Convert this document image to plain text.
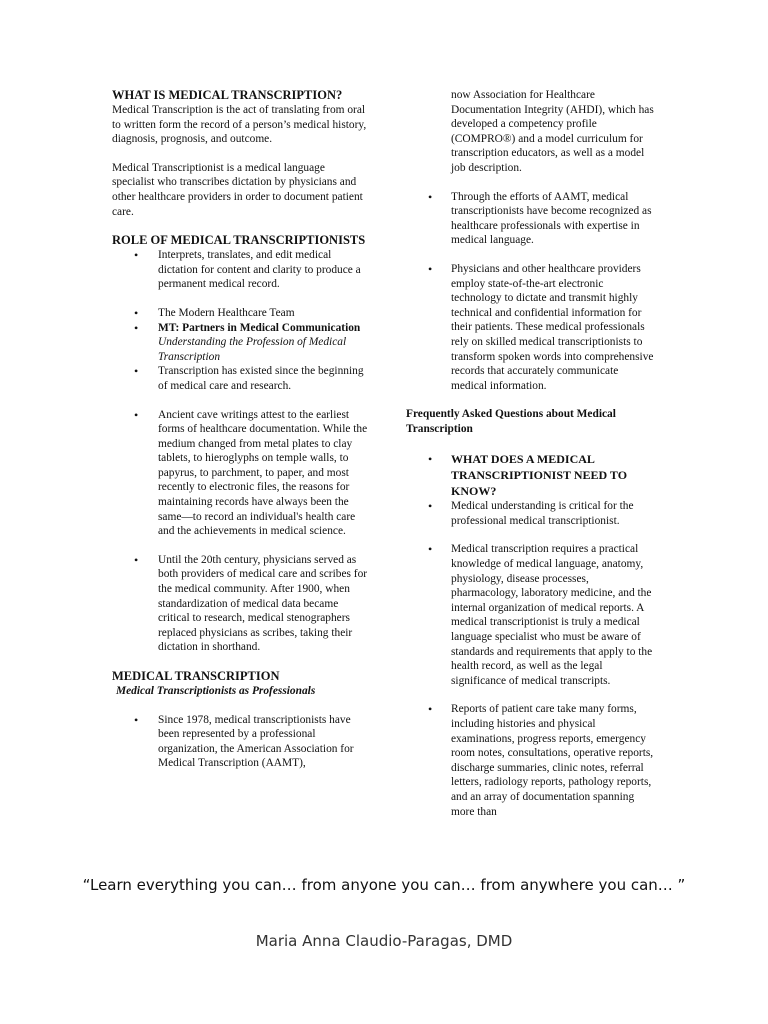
WHAT IS MEDICAL TRANSCRIPTION?

Medical Transcription is the act of translating from oral to written form the record of a person’s medical history, diagnosis, prognosis, and outcome.

Medical Transcriptionist is a medical language specialist who transcribes dictation by physicians and other healthcare providers in order to document patient care.

ROLE OF MEDICAL TRANSCRIPTIONISTS

• Interprets, translates, and edit medical dictation for content and clarity to produce a permanent medical record.
• The Modern Healthcare Team
• MT: Partners in Medical Communication
Understanding the Profession of Medical Transcription
• Transcription has existed since the beginning of medical care and research.
• Ancient cave writings attest to the earliest forms of healthcare documentation. While the medium changed from metal plates to clay tablets, to hieroglyphs on temple walls, to papyrus, to parchment, to paper, and most recently to electronic files, the reasons for maintaining records have always been the same—to record an individual's health care and the achievements in medical science.
• Until the 20th century, physicians served as both providers of medical care and scribes for the medical community. After 1900, when standardization of medical data became critical to research, medical stenographers replaced physicians as scribes, taking their dictation in shorthand.

MEDICAL TRANSCRIPTION

Medical Transcriptionists as Professionals

• Since 1978, medical transcriptionists have been represented by a professional organization, the American Association for Medical Transcription (AAMT),
now Association for Healthcare Documentation Integrity (AHDI), which has developed a competency profile (COMPRO®) and a model curriculum for transcription educators, as well as a model job description.
• Through the efforts of AAMT, medical transcriptionists have become recognized as healthcare professionals with expertise in medical language.
• Physicians and other healthcare providers employ state-of-the-art electronic technology to dictate and transmit highly technical and confidential information for their patients. These medical professionals rely on skilled medical transcriptionists to transform spoken words into comprehensive records that accurately communicate medical information.

Frequently Asked Questions about Medical Transcription

• WHAT DOES A MEDICAL TRANSCRIPTIONIST NEED TO KNOW?
• Medical understanding is critical for the professional medical transcriptionist.
• Medical transcription requires a practical knowledge of medical language, anatomy, physiology, disease processes, pharmacology, laboratory medicine, and the internal organization of medical reports. A medical transcriptionist is truly a medical language specialist who must be aware of standards and requirements that apply to the health record, as well as the legal significance of medical transcripts.
• Reports of patient care take many forms, including histories and physical examinations, progress reports, emergency room notes, consultations, operative reports, discharge summaries, clinic notes, referral letters, radiology reports, pathology reports, and an array of documentation spanning more than
“Learn everything you can… from anyone you can… from anywhere you can… ”
Maria Anna Claudio-Paragas, DMD
